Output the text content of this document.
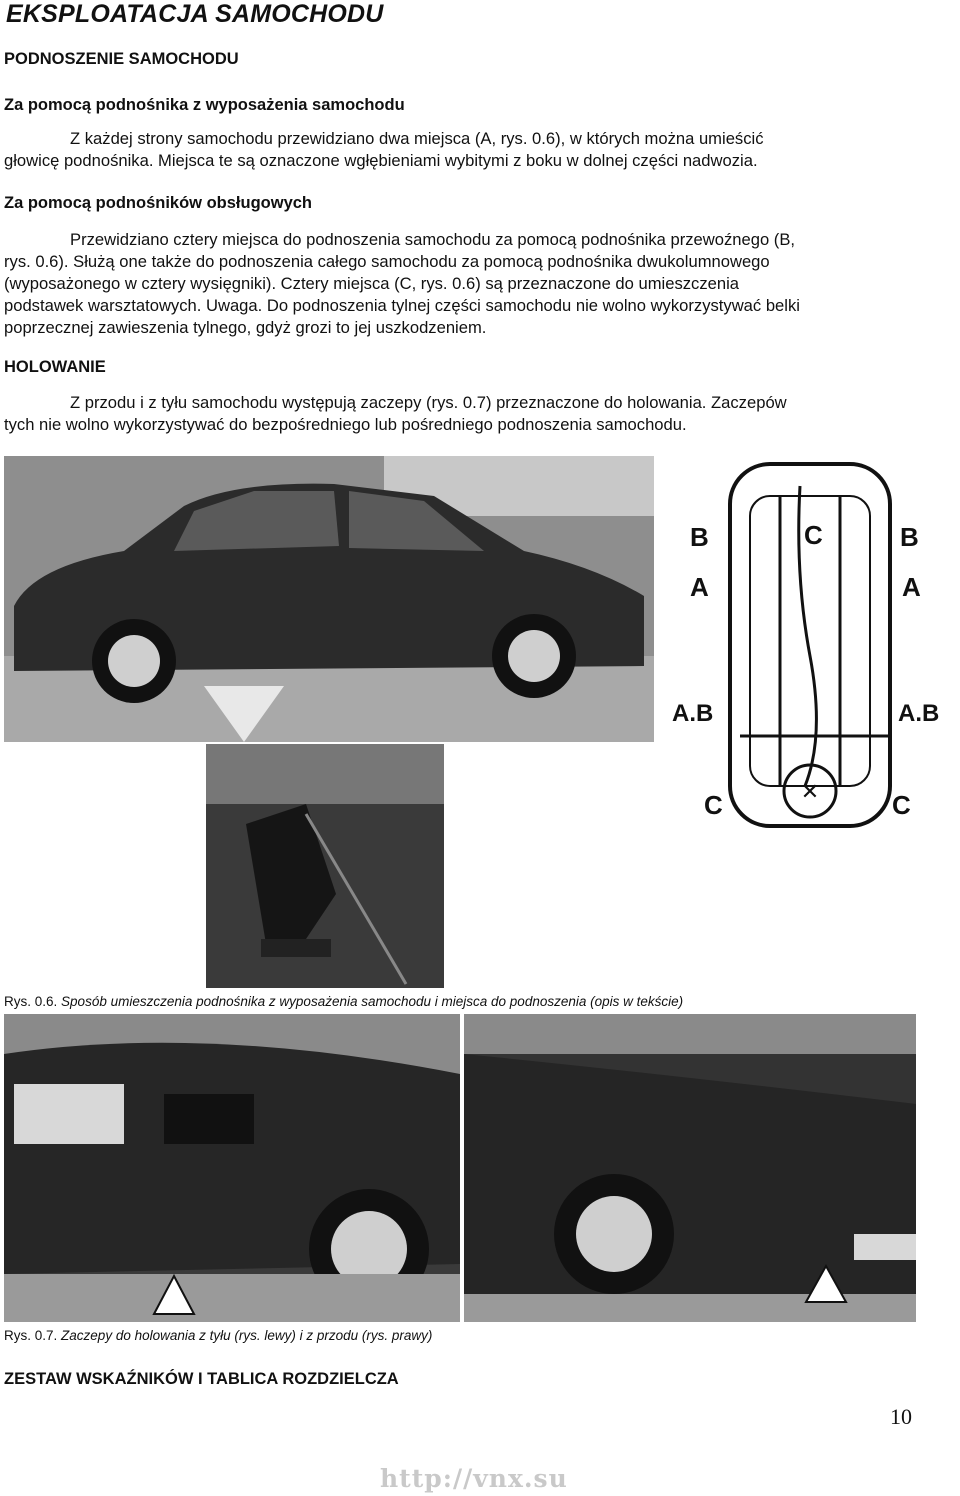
EKSPLOATACJA SAMOCHODU
PODNOSZENIE SAMOCHODU
Za pomocą podnośnika z wyposażenia samochodu
Z każdej strony samochodu przewidziano dwa miejsca (A, rys. 0.6), w których można umieścić
głowicę podnośnika. Miejsca te są oznaczone wgłębieniami wybitymi z boku w dolnej części nadwozia.
Za pomocą podnośników obsługowych
Przewidziano cztery miejsca do podnoszenia samochodu za pomocą podnośnika przewoźnego (B,
rys. 0.6). Służą one także do podnoszenia całego samochodu za pomocą podnośnika dwukolumnowego
(wyposażonego w cztery wysięgniki). Cztery miejsca (C, rys. 0.6) są przeznaczone do umieszczenia
podstawek warsztatowych. Uwaga. Do podnoszenia tylnej części samochodu nie wolno wykorzystywać belki
poprzecznej zawieszenia tylnego, gdyż grozi to jej uszkodzeniem.
HOLOWANIE
Z przodu i z tyłu samochodu występują zaczepy (rys. 0.7) przeznaczone do holowania. Zaczepów
tych nie wolno wykorzystywać do bezpośredniego lub pośredniego podnoszenia samochodu.
✕
B	C	B
A	A
A.B	A.B
C	C
Rys. 0.6. Sposób umieszczenia podnośnika z wyposażenia samochodu i miejsca do podnoszenia (opis w tekście)
Rys. 0.7. Zaczepy do holowania z tyłu (rys. lewy) i z przodu (rys. prawy)
ZESTAW WSKAŹNIKÓW I TABLICA ROZDZIELCZA
10
http://vnx.su
